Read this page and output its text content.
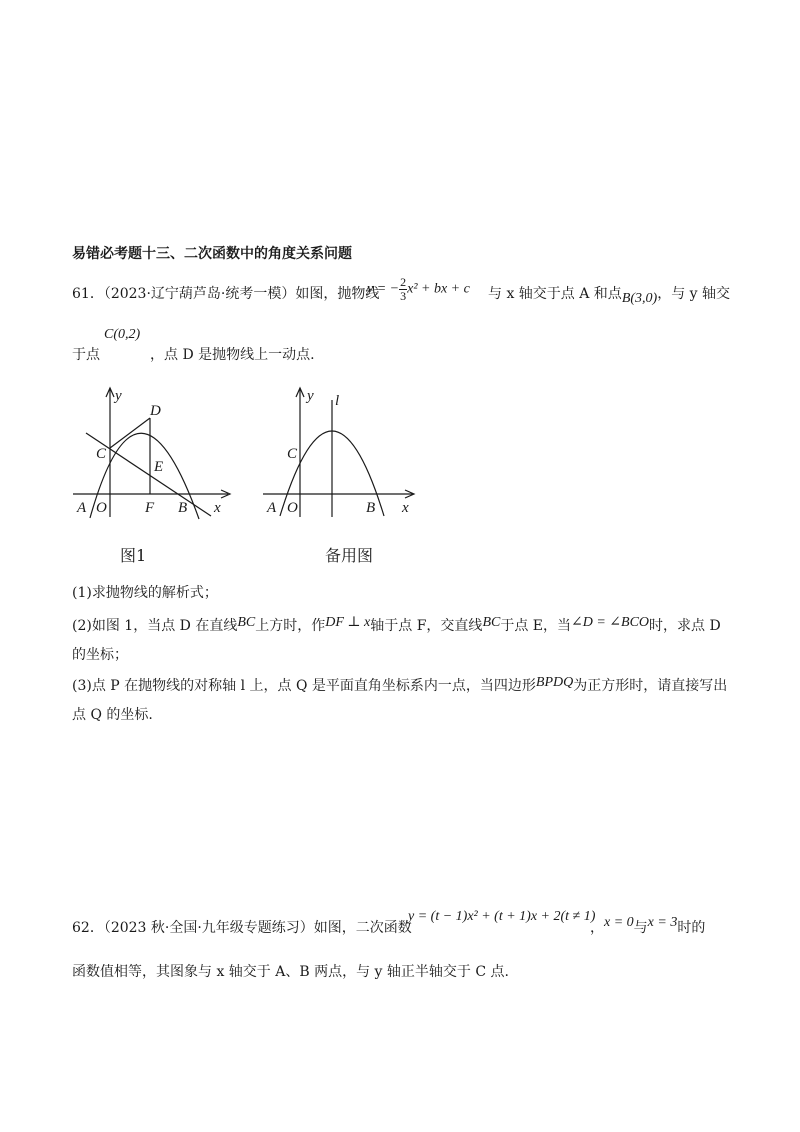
易错必考题十三、二次函数中的角度关系问题
61．（2023·辽宁葫芦岛·统考一模）如图，抛物线
y = − $\frac{2}{3} x^2$ + bx + c 与 x 轴交于点 A 和点B(3,0)，与 y 轴交
于点
C(0,2)
，点 D 是抛物线上一动点.
y
D
C
E
A O	F B x
图1
y l
C
A O	B x
备用图
(1)求抛物线的解析式；
(2)如图 1，当点 D 在直线BC上方时，作DF ⊥ x轴于点 F，交直线BC于点 E，当∠D = ∠BCO时，求点 D
的坐标；
(3)点 P 在抛物线的对称轴 l 上，点 Q 是平面直角坐标系内一点，当四边形BPDQ为正方形时，请直接写出
点 Q 的坐标.
62．（2023 秋·全国·九年级专题练习）如图，二次函数
y = (t − 1)x² + (t + 1)x + 2(t ≠ 1)
，x = 0与x = 3时的
函数值相等，其图象与 x 轴交于 A、B 两点，与 y 轴正半轴交于 C 点.
